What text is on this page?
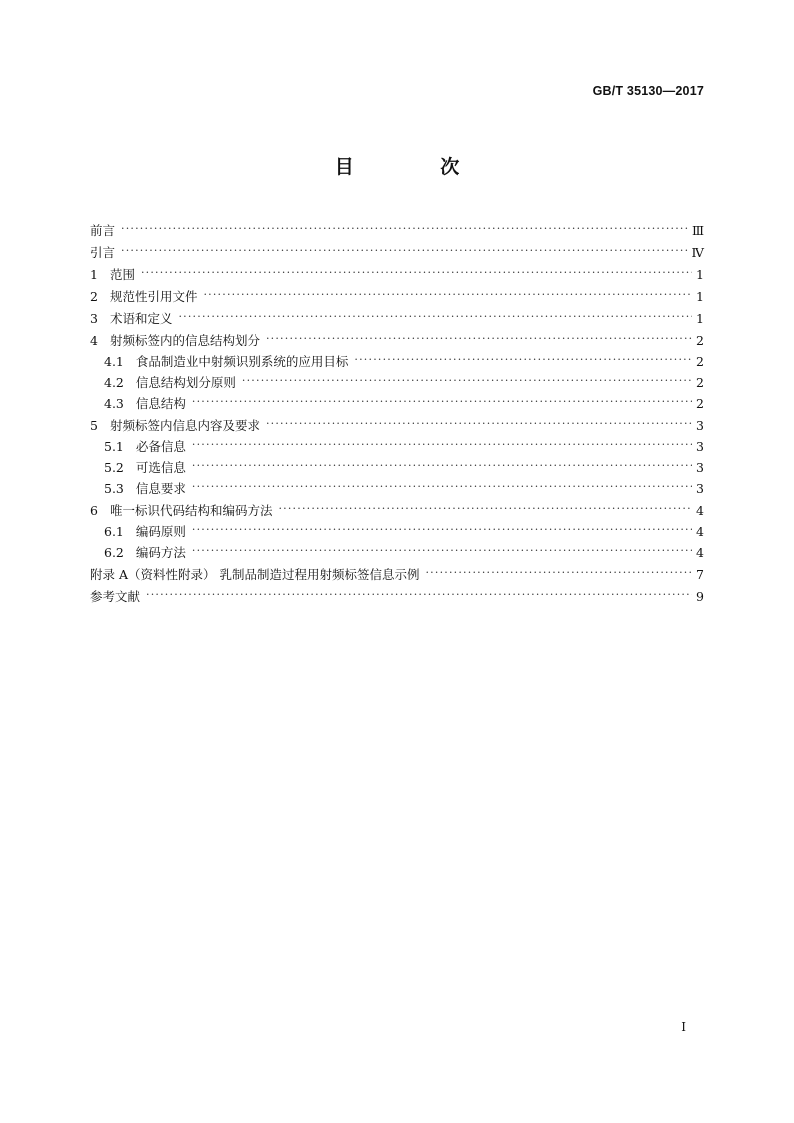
GB/T 35130—2017
目 次
前言 ·····	Ⅲ
引言 ·····	Ⅳ
1 范围 ·····	1
2 规范性引用文件 ·····	1
3 术语和定义 ·····	1
4 射频标签内的信息结构划分 ·····	2
4.1 食品制造业中射频识别系统的应用目标 ·····	2
4.2 信息结构划分原则 ·····	2
4.3 信息结构 ·····	2
5 射频标签内信息内容及要求 ·····	3
5.1 必备信息 ·····	3
5.2 可选信息 ·····	3
5.3 信息要求 ·····	3
6 唯一标识代码结构和编码方法 ·····	4
6.1 编码原则 ·····	4
6.2 编码方法 ·····	4
附录 A（资料性附录） 乳制品制造过程用射频标签信息示例 ·····	7
参考文献 ·····	9
Ⅰ
